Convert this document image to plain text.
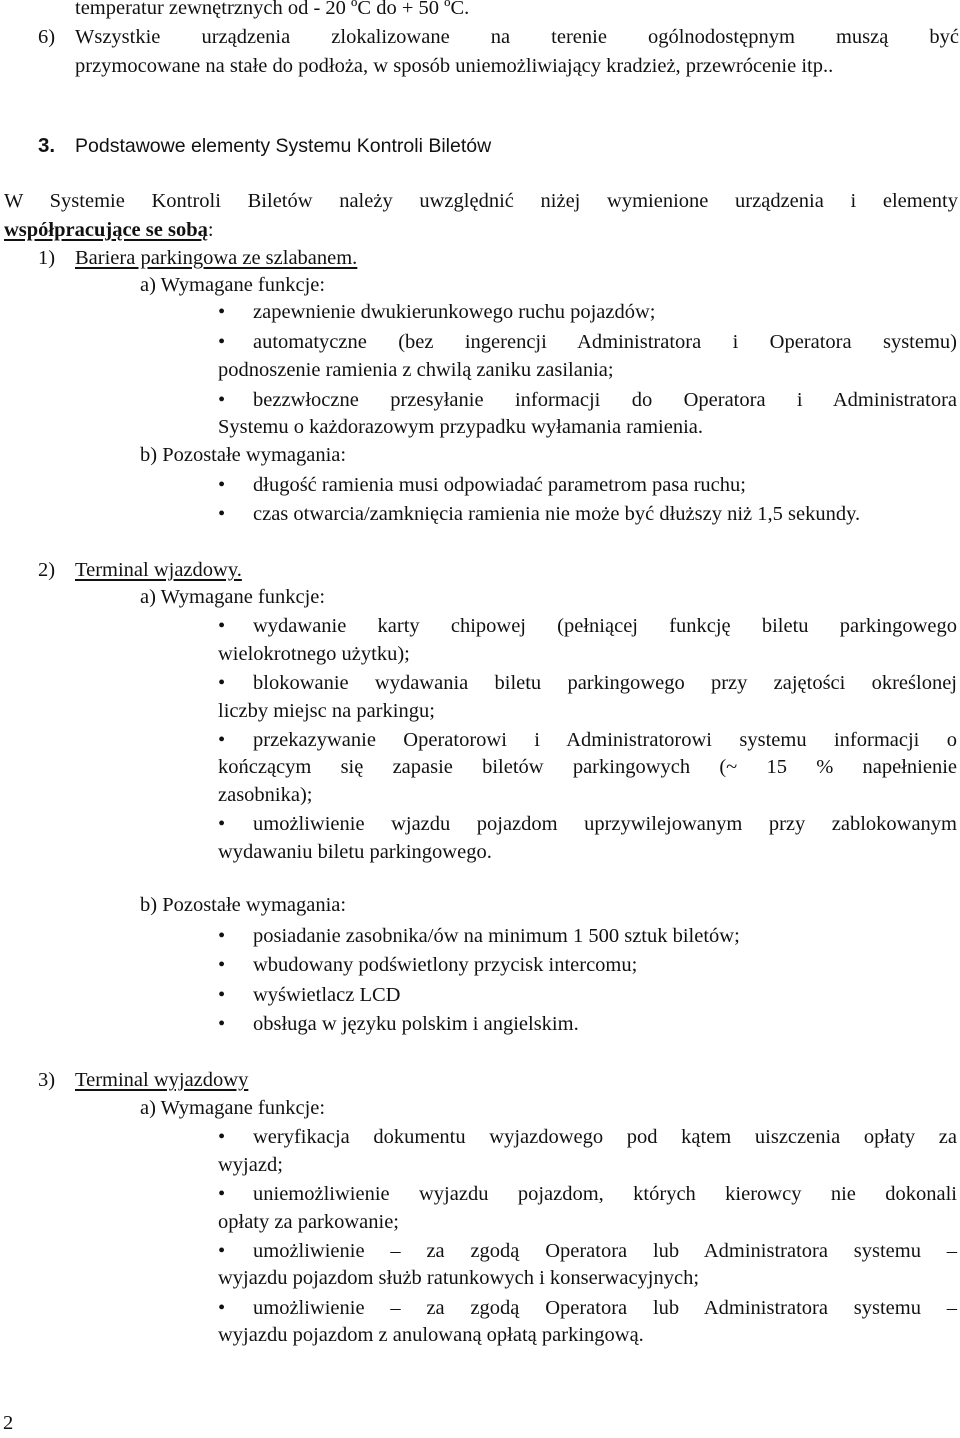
temperatur zewnętrznych od - 20 ºC do + 50 ºC.
6) Wszystkie urządzenia zlokalizowane na terenie ogólnodostępnym muszą być
przymocowane na stałe do podłoża, w sposób uniemożliwiający kradzież, przewrócenie itp..
3. Podstawowe elementy Systemu Kontroli Biletów
W Systemie Kontroli Biletów należy uwzględnić niżej wymienione urządzenia i elementy
współpracujące se sobą:
1) Bariera parkingowa ze szlabanem.
a) Wymagane funkcje:
• zapewnienie dwukierunkowego ruchu pojazdów;
• automatyczne (bez ingerencji Administratora i Operatora systemu)
podnoszenie ramienia z chwilą zaniku zasilania;
• bezzwłoczne przesyłanie informacji do Operatora i Administratora
Systemu o każdorazowym przypadku wyłamania ramienia.
b) Pozostałe wymagania:
• długość ramienia musi odpowiadać parametrom pasa ruchu;
• czas otwarcia/zamknięcia ramienia nie może być dłuższy niż 1,5 sekundy.
2) Terminal wjazdowy.
a) Wymagane funkcje:
• wydawanie karty chipowej (pełniącej funkcję biletu parkingowego
wielokrotnego użytku);
• blokowanie wydawania biletu parkingowego przy zajętości określonej
liczby miejsc na parkingu;
• przekazywanie Operatorowi i Administratorowi systemu informacji o
kończącym się zapasie biletów parkingowych (~ 15 % napełnienie
zasobnika);
• umożliwienie wjazdu pojazdom uprzywilejowanym przy zablokowanym
wydawaniu biletu parkingowego.
b) Pozostałe wymagania:
• posiadanie zasobnika/ów na minimum 1 500 sztuk biletów;
• wbudowany podświetlony przycisk intercomu;
• wyświetlacz LCD
• obsługa w języku polskim i angielskim.
3) Terminal wyjazdowy
a) Wymagane funkcje:
• weryfikacja dokumentu wyjazdowego pod kątem uiszczenia opłaty za
wyjazd;
• uniemożliwienie wyjazdu pojazdom, których kierowcy nie dokonali
opłaty za parkowanie;
• umożliwienie – za zgodą Operatora lub Administratora systemu –
wyjazdu pojazdom służb ratunkowych i konserwacyjnych;
• umożliwienie – za zgodą Operatora lub Administratora systemu –
wyjazdu pojazdom z anulowaną opłatą parkingową.
2
